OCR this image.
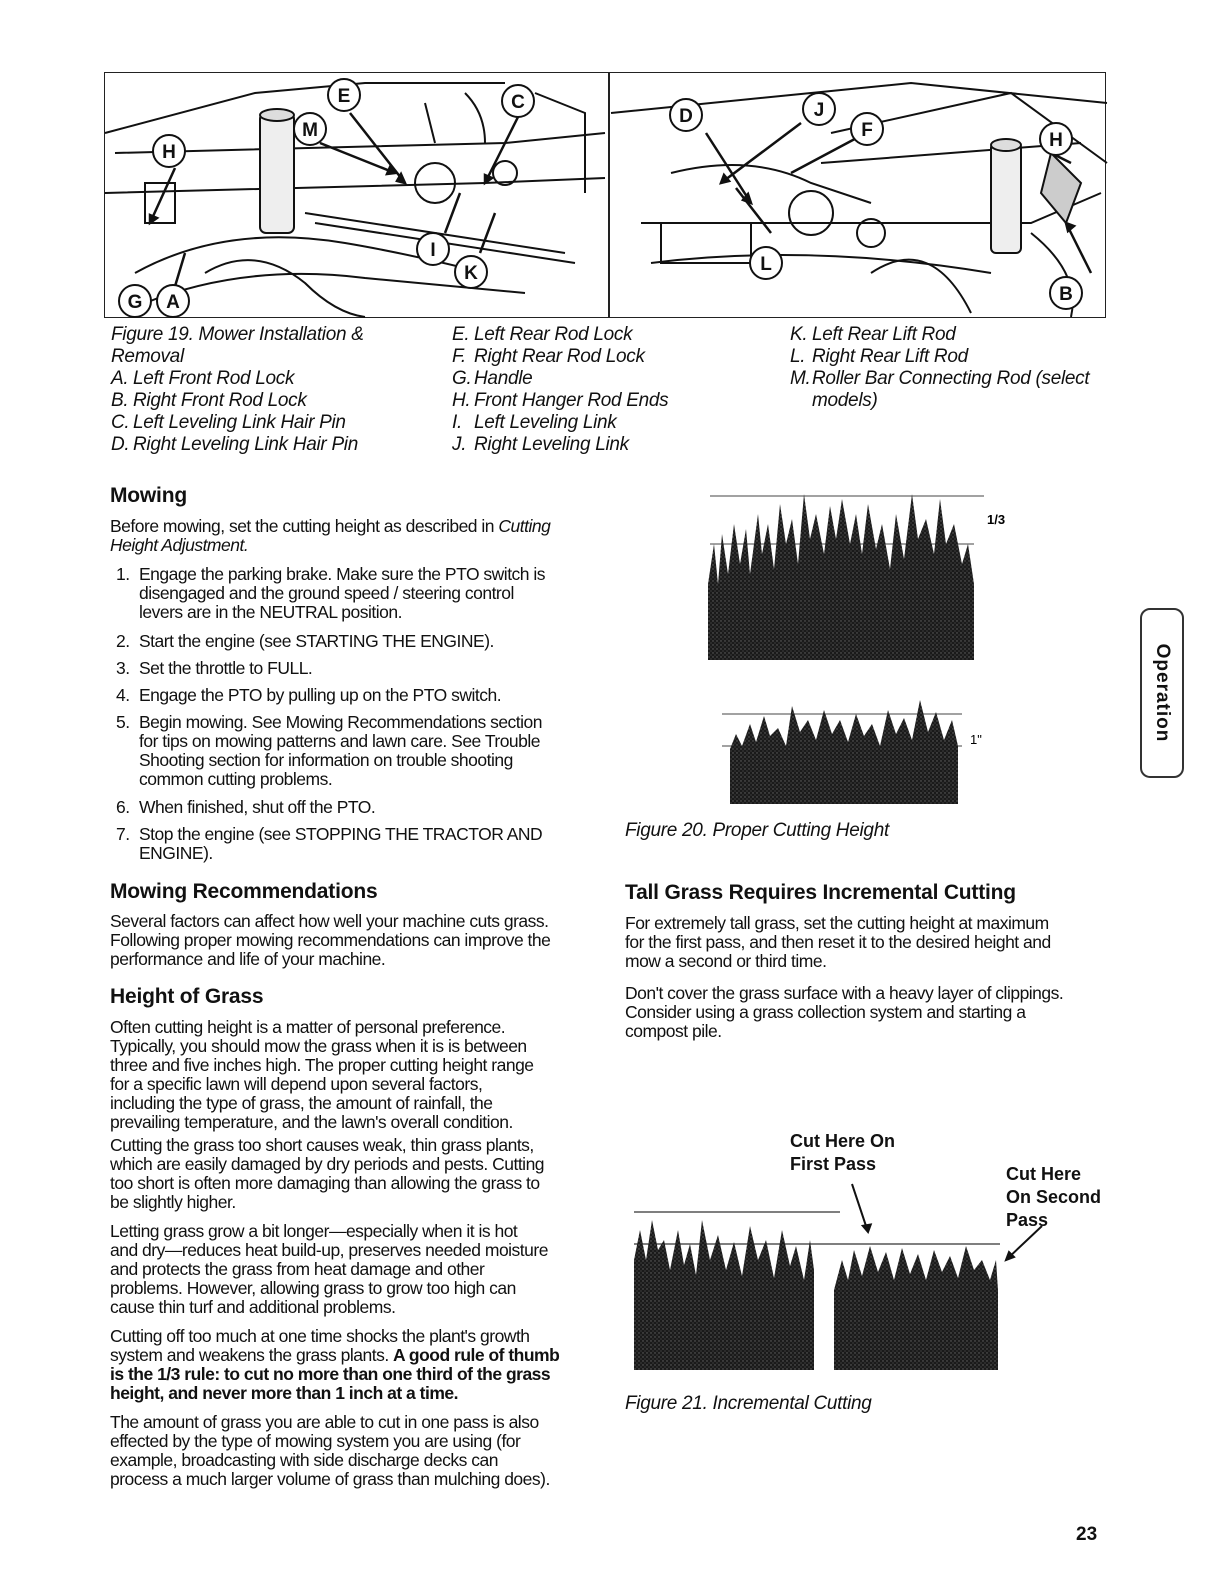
E
M
C
H
G	A
I
K
D	J
F	H
L
B
Figure 19. Mower Installation &
Removal
A. Left Front Rod Lock
B. Right Front Rod Lock
C. Left Leveling Link Hair Pin
D. Right Leveling Link Hair Pin
E. Left Rear Rod Lock
F. Right Rear Rod Lock
G. Handle
H. Front Hanger Rod Ends
I. Left Leveling Link
J. Right Leveling Link
K. Left Rear Lift Rod
L. Right Rear Lift Rod
M.Roller Bar Connecting Rod (select
models)
Mowing

Before mowing, set the cutting height as described in Cutting
Height Adjustment.

1. Engage the parking brake. Make sure the PTO switch is
disengaged and the ground speed / steering control
levers are in the NEUTRAL position.
2. Start the engine (see STARTING THE ENGINE).
3. Set the throttle to FULL.
4. Engage the PTO by pulling up on the PTO switch.
5. Begin mowing. See Mowing Recommendations section
for tips on mowing patterns and lawn care. See Trouble
Shooting section for information on trouble shooting
common cutting problems.
6. When finished, shut off the PTO.
7. Stop the engine (see STOPPING THE TRACTOR AND
ENGINE).
Mowing Recommendations
Several factors can affect how well your machine cuts grass.
Following proper mowing recommendations can improve the
performance and life of your machine.
Height of Grass
Often cutting height is a matter of personal preference.
Typically, you should mow the grass when it is is between
three and five inches high. The proper cutting height range
for a specific lawn will depend upon several factors,
including the type of grass, the amount of rainfall, the
prevailing temperature, and the lawn's overall condition.
Cutting the grass too short causes weak, thin grass plants,
which are easily damaged by dry periods and pests. Cutting
too short is often more damaging than allowing the grass to
be slightly higher.
Letting grass grow a bit longer—especially when it is hot
and dry—reduces heat build-up, preserves needed moisture
and protects the grass from heat damage and other
problems. However, allowing grass to grow too high can
cause thin turf and additional problems.
Cutting off too much at one time shocks the plant's growth
system and weakens the grass plants. A good rule of thumb
is the 1/3 rule: to cut no more than one third of the grass
height, and never more than 1 inch at a time.
The amount of grass you are able to cut in one pass is also
effected by the type of mowing system you are using (for
example, broadcasting with side discharge decks can
process a much larger volume of grass than mulching does).
1/3
1"
Figure 20. Proper Cutting Height
Tall Grass Requires Incremental Cutting
For extremely tall grass, set the cutting height at maximum
for the first pass, and then reset it to the desired height and
mow a second or third time.
Don't cover the grass surface with a heavy layer of clippings.
Consider using a grass collection system and starting a
compost pile.
Cut Here On
First Pass	Cut Here
On Second
Pass
Figure 21. Incremental Cutting
Operation
23
